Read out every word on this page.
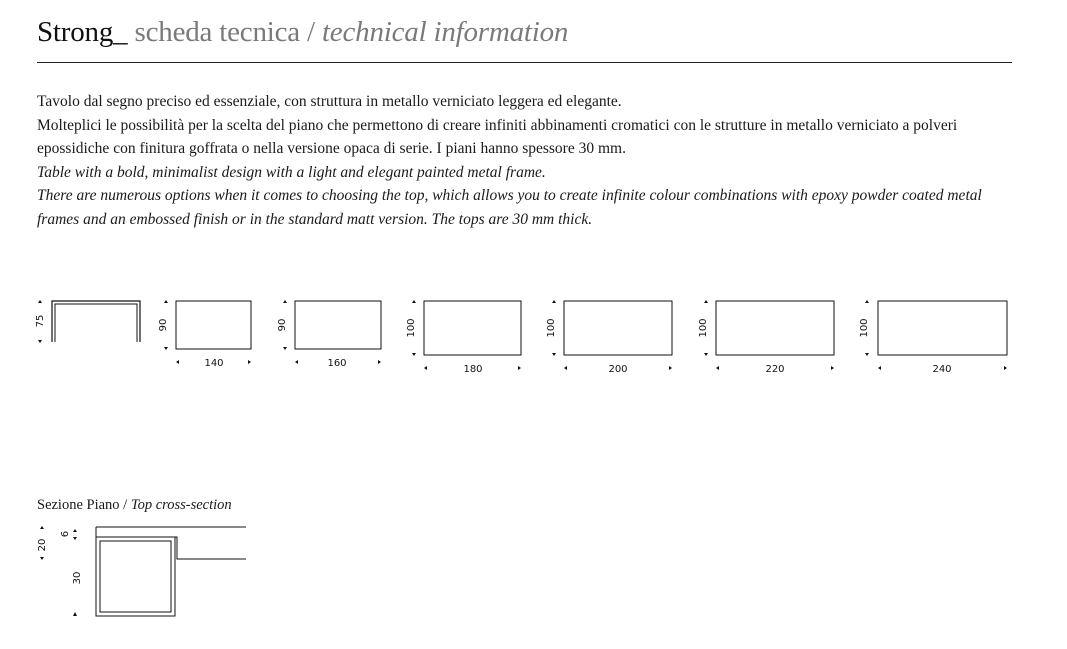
Strong_ scheda tecnica / technical information

Tavolo dal segno preciso ed essenziale, con struttura in metallo verniciato leggera ed elegante.

Molteplici le possibilità per la scelta del piano che permettono di creare infiniti abbinamenti cromatici con le strutture in metallo verniciato a polveri epossidiche con finitura goffrata o nella versione opaca di serie. I piani hanno spessore 30 mm.

Table with a bold, minimalist design with a light and elegant painted metal frame.

There are numerous options when it comes to choosing the top, which allows you to create infinite colour combinations with epoxy powder coated metal frames and an embossed finish or in the standard matt version. The tops are 30 mm thick.

75	90
140
90
160
100
180
100
200
100
220
100
240
20
6
30
Sezione Piano / Top cross-section
